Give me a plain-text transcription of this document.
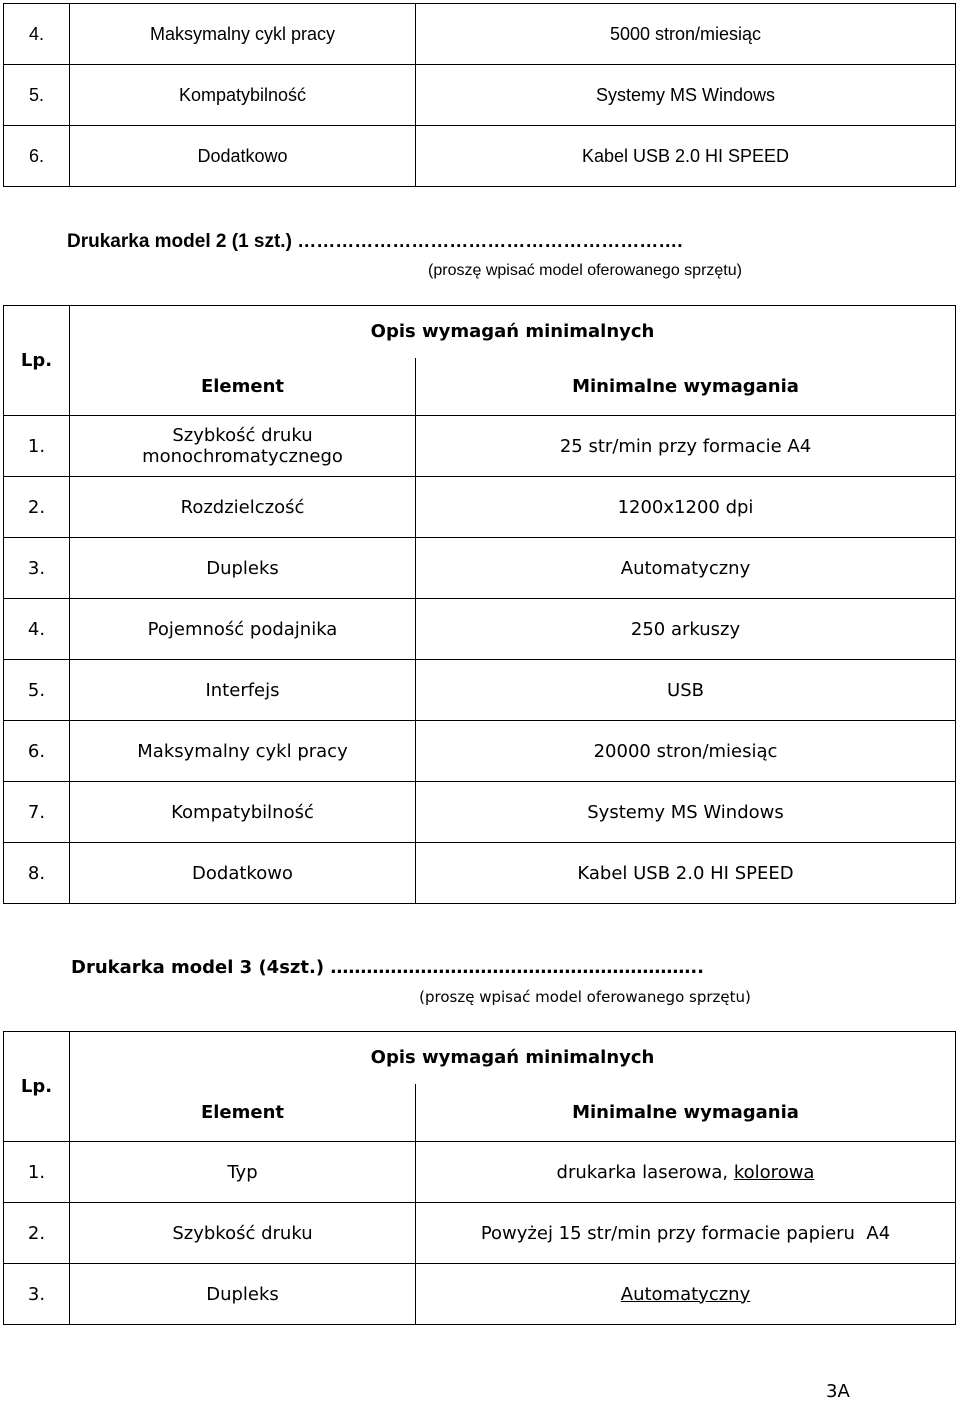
4.	Maksymalny cykl pracy	5000 stron/miesiąc
5.	Kompatybilność	Systemy MS Windows
6.	Dodatkowo	Kabel USB 2.0 HI SPEED
Drukarka model 2 (1 szt.) …………………………………………………….
(proszę wpisać model oferowanego sprzętu)
Lp.	Opis wymagań minimalnych	
	Element	Minimalne wymagania
1.	Szybkość druku monochromatycznego	25 str/min przy formacie A4
2.	Rozdzielczość	1200x1200 dpi
3.	Dupleks	Automatyczny
4.	Pojemność podajnika	250 arkuszy
5.	Interfejs	USB
6.	Maksymalny cykl pracy	20000 stron/miesiąc
7.	Kompatybilność	Systemy MS Windows
8.	Dodatkowo	Kabel USB 2.0 HI SPEED
Drukarka model 3 (4szt.) ……………………………………………………..
(proszę wpisać model oferowanego sprzętu)
Lp.	Opis wymagań minimalnych	
	Element	Minimalne wymagania
1.	Typ	drukarka laserowa, kolorowa
2.	Szybkość druku	Powyżej 15 str/min przy formacie papieru  A4
3.	Dupleks	Automatyczny
3A
